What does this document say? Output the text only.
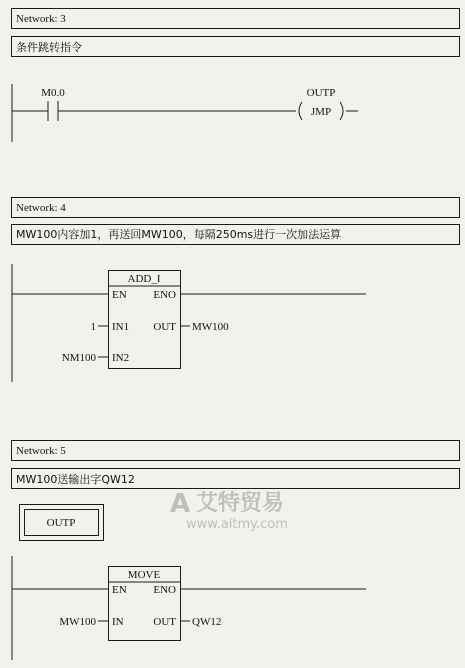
Network: 3
条件跳转指令
M0.0	OUTP
JMP
Network: 4
MW100内容加1，再送回MW100，每隔250ms进行一次加法运算
ADD_I
EN ENO
IN1
IN2
OUT
1
NM100
MW100
Network: 5
MW100送输出字QW12
OUTP
MOVE
EN ENO
IN	OUT
MW100	QW12
A 艾特贸易
www.aitmy.com
